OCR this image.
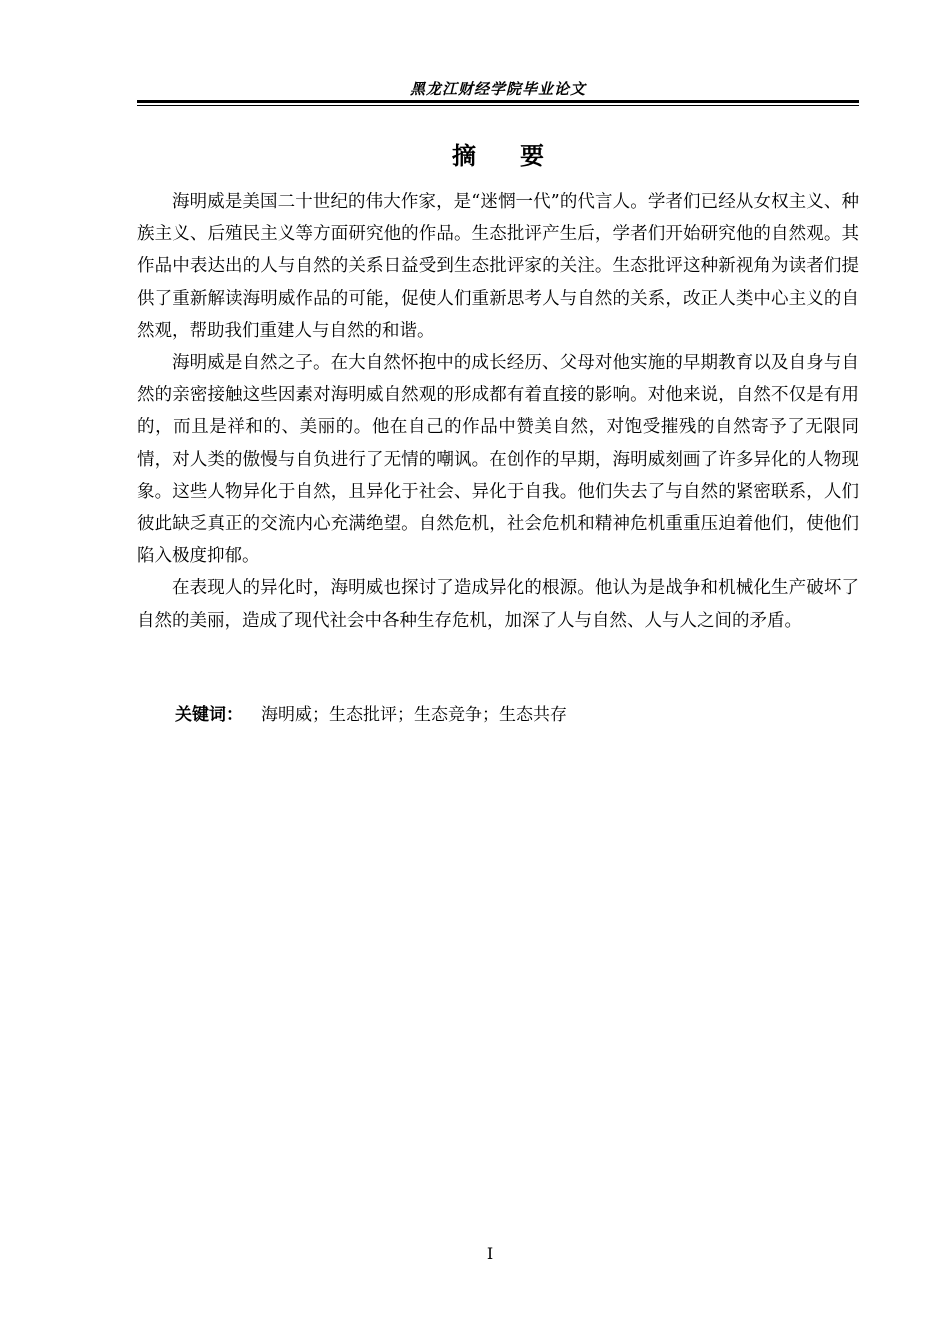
黑龙江财经学院毕业论文
摘要

海明威是美国二十世纪的伟大作家，是“迷惘一代”的代言人。学者们已经从女权主义、种族主义、后殖民主义等方面研究他的作品。生态批评产生后，学者们开始研究他的自然观。其作品中表达出的人与自然的关系日益受到生态批评家的关注。生态批评这种新视角为读者们提供了重新解读海明威作品的可能，促使人们重新思考人与自然的关系，改正人类中心主义的自然观，帮助我们重建人与自然的和谐。

海明威是自然之子。在大自然怀抱中的成长经历、父母对他实施的早期教育以及自身与自然的亲密接触这些因素对海明威自然观的形成都有着直接的影响。对他来说，自然不仅是有用的，而且是祥和的、美丽的。他在自己的作品中赞美自然，对饱受摧残的自然寄予了无限同情，对人类的傲慢与自负进行了无情的嘲讽。在创作的早期，海明威刻画了许多异化的人物现象。这些人物异化于自然，且异化于社会、异化于自我。他们失去了与自然的紧密联系，人们彼此缺乏真正的交流内心充满绝望。自然危机，社会危机和精神危机重重压迫着他们，使他们陷入极度抑郁。

在表现人的异化时，海明威也探讨了造成异化的根源。他认为是战争和机械化生产破坏了自然的美丽，造成了现代社会中各种生存危机，加深了人与自然、人与人之间的矛盾。

关键词： 海明威；生态批评；生态竞争；生态共存
I
